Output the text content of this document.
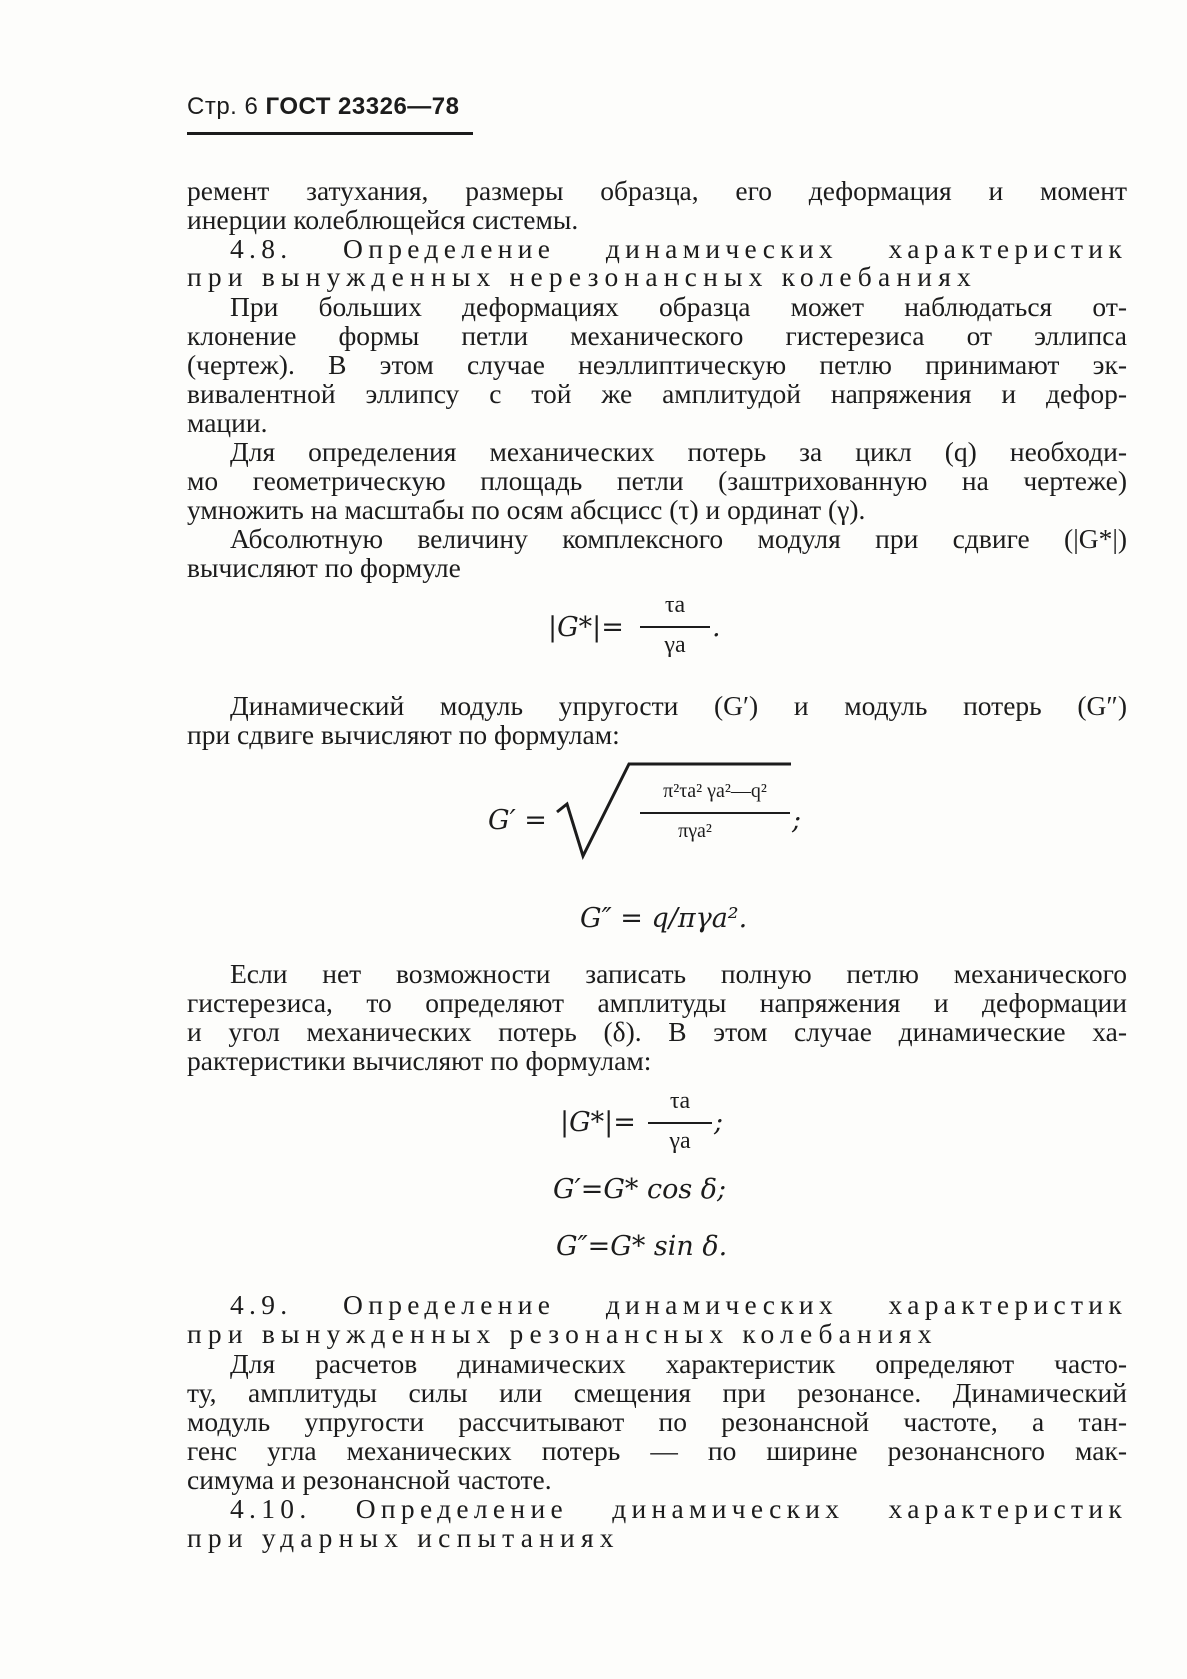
Стр. 6 ГОСТ 23326—78
ремент затухания, размеры образца, его деформация и момент
инерции колеблющейся системы.
4.8. Определение динамических характеристик
при вынужденных нерезонансных колебаниях
При больших деформациях образца может наблюдаться от-
клонение формы петли механического гистерезиса от эллипса
(чертеж). В этом случае неэллиптическую петлю принимают эк-
вивалентной эллипсу с той же амплитудой напряжения и дефор-
мации.
Для определения механических потерь за цикл (q) необходи-
мо геометрическую площадь петли (заштрихованную на чертеже)
умножить на масштабы по осям абсцисс (τ) и ординат (γ).
Абсолютную величину комплексного модуля при сдвиге (|G*|)
вычисляют по формуле
|G*|=
τa
γa
.
Динамический модуль упругости (G′) и модуль потерь (G″)
при сдвиге вычисляют по формулам:
G′ =
π²τa² γa²—q²
πγa²	;
G″ = q/πγa².
Если нет возможности записать полную петлю механического
гистерезиса, то определяют амплитуды напряжения и деформации
и угол механических потерь (δ). В этом случае динамические ха-
рактеристики вычисляют по формулам:
|G*|=
τa
γa
;
G′=G* cos δ;
G″=G* sin δ.
4.9. Определение динамических характеристик
при вынужденных резонансных колебаниях
Для расчетов динамических характеристик определяют часто-
ту, амплитуды силы или смещения при резонансе. Динамический
модуль упругости рассчитывают по резонансной частоте, а тан-
генс угла механических потерь — по ширине резонансного мак-
симума и резонансной частоте.
4.10. Определение динамических характеристик
при ударных испытаниях
